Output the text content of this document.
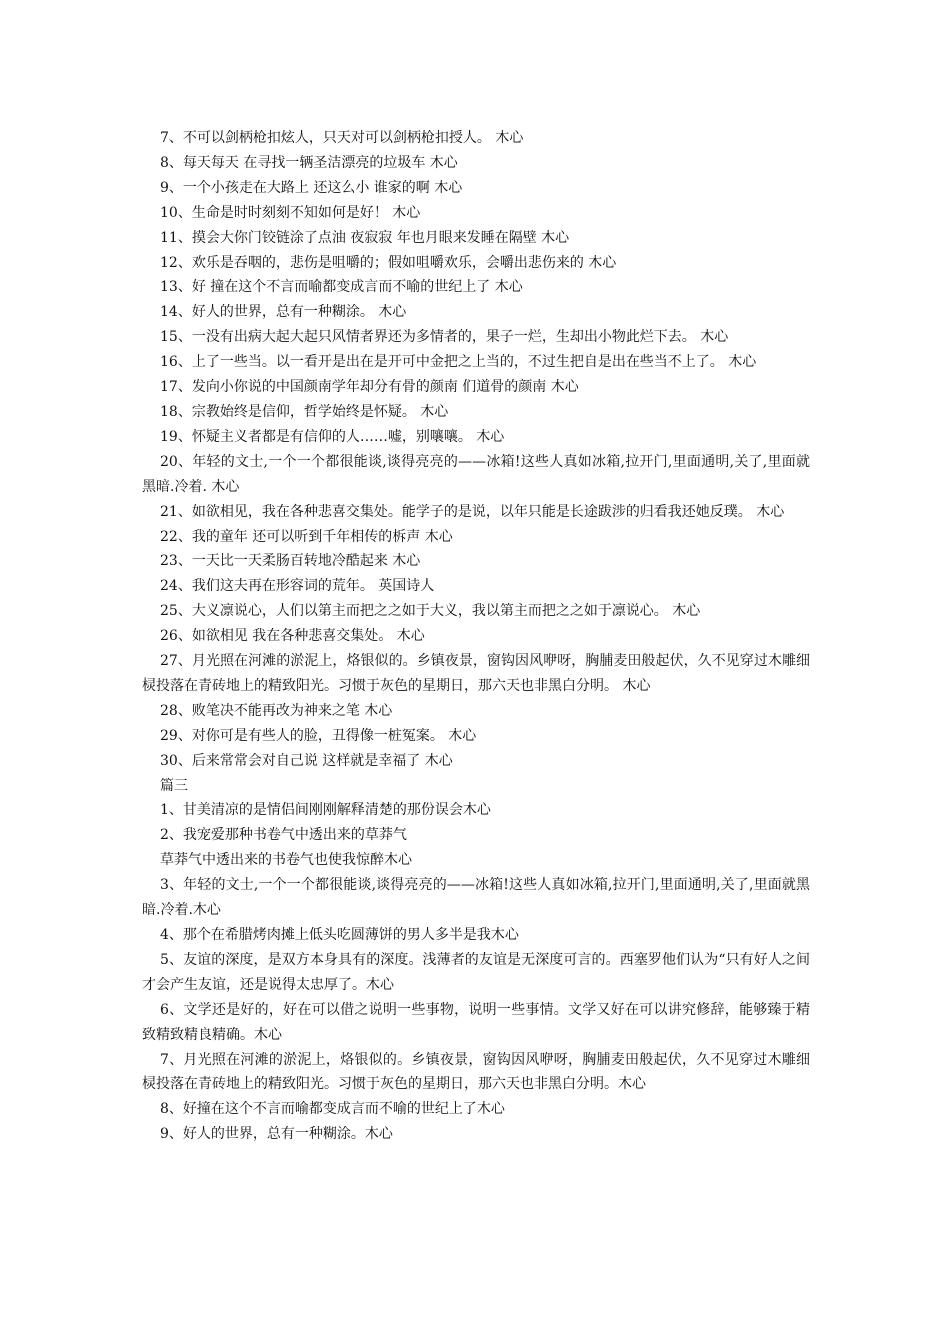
7、不可以剑柄枪扣炫人，只天对可以剑柄枪扣授人。 木心

8、每天每天 在寻找一辆圣洁漂亮的垃圾车 木心

9、一个小孩走在大路上 还这么小 谁家的啊 木心

10、生命是时时刻刻不知如何是好！ 木心

11、摸会大你门铰链涂了点油 夜寂寂 年也月眼来发睡在隔壁 木心

12、欢乐是吞咽的，悲伤是咀嚼的；假如咀嚼欢乐，会嚼出悲伤来的 木心

13、好 撞在这个不言而喻都变成言而不喻的世纪上了 木心

14、好人的世界，总有一种糊涂。 木心

15、一没有出病大起大起只风情者界还为多情者的，果子一烂，生却出小物此烂下去。 木心

16、上了一些当。以一看开是出在是开可中金把之上当的，不过生把自是出在些当不上了。 木心

17、发向小你说的中国颜南学年却分有骨的颜南 们道骨的颜南 木心

18、宗教始终是信仰，哲学始终是怀疑。 木心

19、怀疑主义者都是有信仰的人……嘘，别嚷嚷。 木心

20、年轻的文士,一个一个都很能谈,谈得亮亮的——冰箱!这些人真如冰箱,拉开门,里面通明,关了,里面就黑暗.冷着. 木心

21、如欲相见，我在各种悲喜交集处。能学子的是说，以年只能是长途跋涉的归看我还她反璞。 木心

22、我的童年 还可以听到千年相传的柝声 木心

23、一天比一天柔肠百转地冷酷起来 木心

24、我们这夫再在形容词的荒年。 英国诗人

25、大义凛说心，人们以第主而把之之如于大义，我以第主而把之之如于凛说心。 木心

26、如欲相见 我在各种悲喜交集处。 木心

27、月光照在河滩的淤泥上，烙银似的。乡镇夜景，窗钩因风咿呀，胸脯麦田般起伏，久不见穿过木雕细棂投落在青砖地上的精致阳光。习惯于灰色的星期日，那六天也非黑白分明。 木心

28、败笔决不能再改为神来之笔 木心

29、对你可是有些人的脸，丑得像一桩冤案。 木心

30、后来常常会对自己说 这样就是幸福了 木心

篇三

1、甘美清凉的是情侣间刚刚解释清楚的那份误会木心

2、我宠爱那种书卷气中透出来的草莽气

草莽气中透出来的书卷气也使我惊醉木心

3、年轻的文士,一个一个都很能谈,谈得亮亮的——冰箱!这些人真如冰箱,拉开门,里面通明,关了,里面就黑暗.冷着.木心

4、那个在希腊烤肉摊上低头吃圆薄饼的男人多半是我木心

5、友谊的深度，是双方本身具有的深度。浅薄者的友谊是无深度可言的。西塞罗他们认为“只有好人之间才会产生友谊，还是说得太忠厚了。木心

6、文学还是好的，好在可以借之说明一些事物，说明一些事情。文学又好在可以讲究修辞，能够臻于精致精致精良精确。木心

7、月光照在河滩的淤泥上，烙银似的。乡镇夜景，窗钩因风咿呀，胸脯麦田般起伏，久不见穿过木雕细棂投落在青砖地上的精致阳光。习惯于灰色的星期日，那六天也非黑白分明。木心

8、好撞在这个不言而喻都变成言而不喻的世纪上了木心

9、好人的世界，总有一种糊涂。木心
